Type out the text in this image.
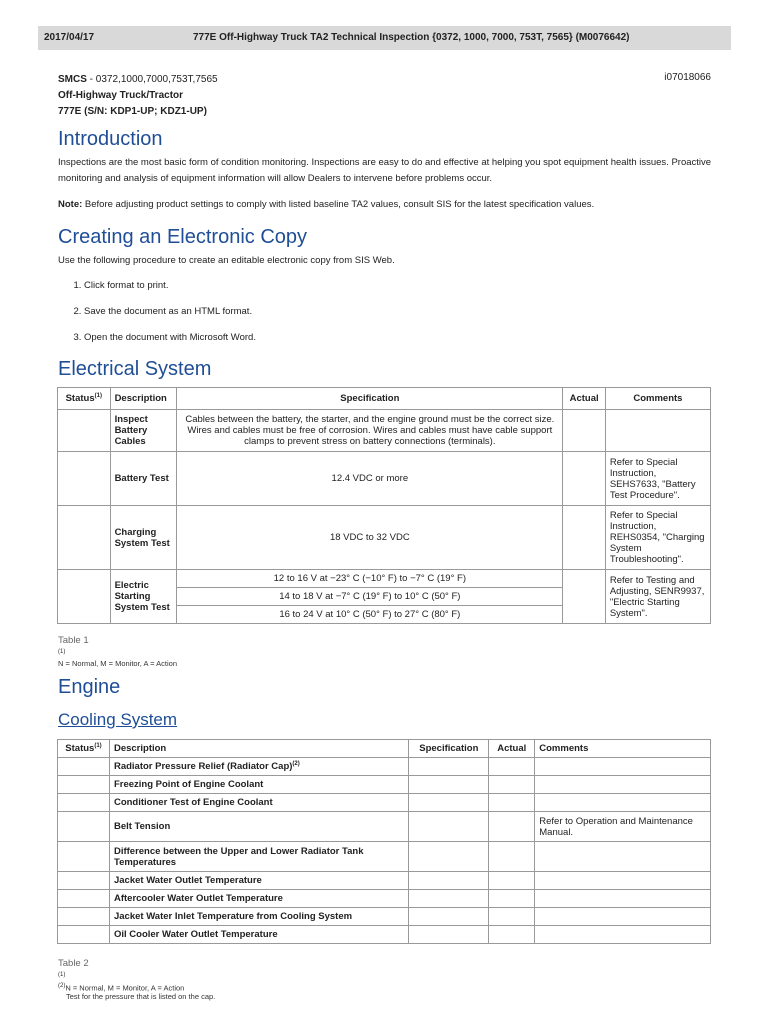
2017/04/17	777E Off-Highway Truck TA2 Technical Inspection {0372, 1000, 7000, 753T, 7565} (M0076642)
SMCS - 0372,1000,7000,753T,7565
Off-Highway Truck/Tractor
777E (S/N: KDP1-UP; KDZ1-UP)
i07018066
Introduction

Inspections are the most basic form of condition monitoring. Inspections are easy to do and effective at helping you spot equipment health issues. Proactive monitoring and analysis of equipment information will allow Dealers to intervene before problems occur.

Note: Before adjusting product settings to comply with listed baseline TA2 values, consult SIS for the latest specification values.

Creating an Electronic Copy

Use the following procedure to create an editable electronic copy from SIS Web.

1. Click format to print.
2. Save the document as an HTML format.
3. Open the document with Microsoft Word.
Electrical System
Status$^{(1)}$	Description	Specification	Actual	Comments
	Inspect Battery Cables	Cables between the battery, the starter, and the engine ground must be the correct size. Wires and cables must be free of corrosion. Wires and cables must have cable support clamps to prevent stress on battery connections (terminals).		
	Battery Test	12.4 VDC or more		Refer to Special Instruction, SEHS7633, "Battery Test Procedure".
	Charging System Test	18 VDC to 32 VDC		Refer to Special Instruction, REHS0354, "Charging System Troubleshooting".
	Electric Starting System Test	12 to 16 V at −23° C (−10° F) to −7° C (19° F)		Refer to Testing and Adjusting, SENR9937, "Electric Starting System".
		14 to 18 V at −7° C (19° F) to 10° C (50° F)		
		16 to 24 V at 10° C (50° F) to 27° C (80° F)		
Table 1
$^{(1)}$
N = Normal, M = Monitor, A = Action
Engine
Cooling System
Status$^{(1)}$	Description	Specification	Actual	Comments
	Radiator Pressure Relief (Radiator Cap)$^{(2)}$			
	Freezing Point of Engine Coolant			
	Conditioner Test of Engine Coolant			
	Belt Tension			Refer to Operation and Maintenance Manual.
	Difference between the Upper and Lower Radiator Tank Temperatures			
	Jacket Water Outlet Temperature			
	Aftercooler Water Outlet Temperature			
	Jacket Water Inlet Temperature from Cooling System			
	Oil Cooler Water Outlet Temperature			
Table 2
$^{(1)}$
$^{(2)}$N = Normal, M = Monitor, A = Action
Test for the pressure that is listed on the cap.
